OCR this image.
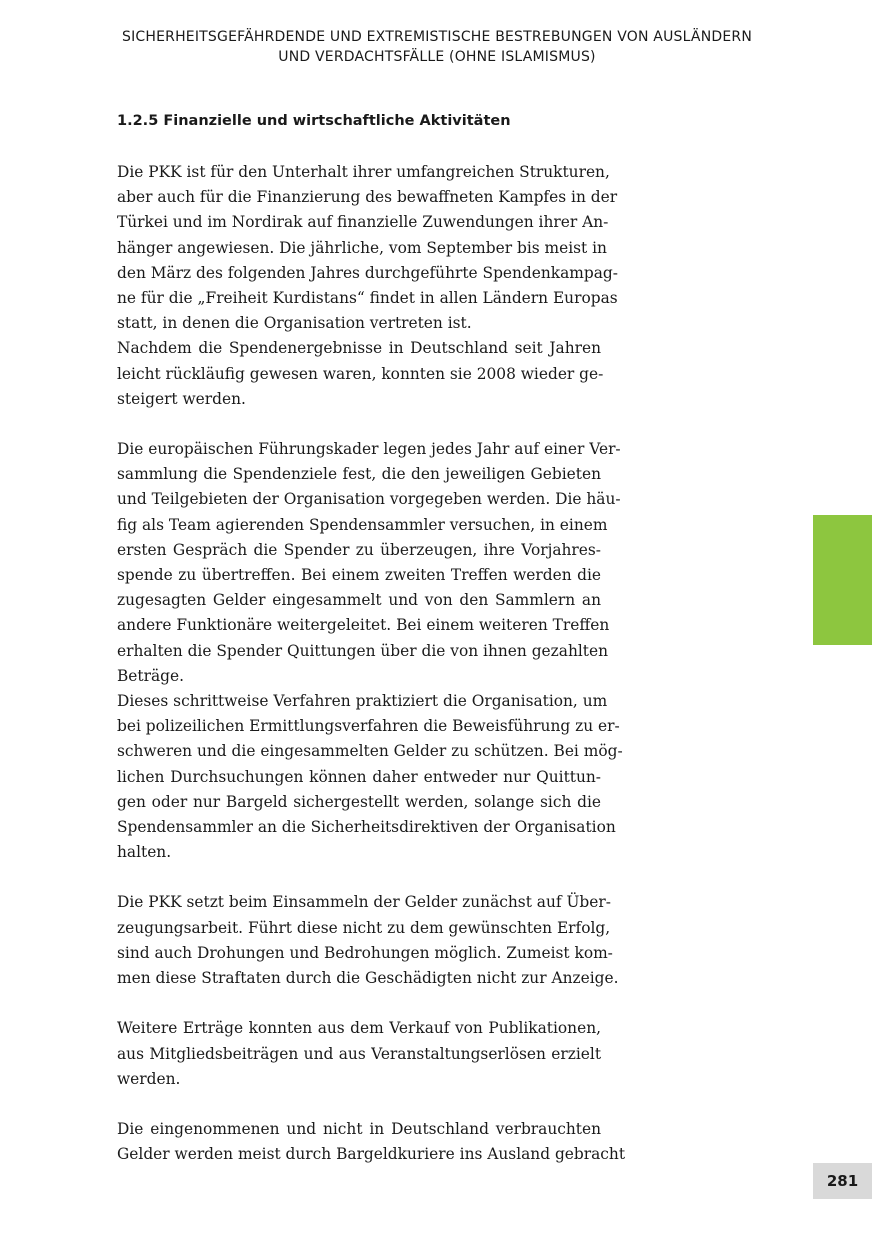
SICHERHEITSGEFÄHRDENDE UND EXTREMISTISCHE BESTREBUNGEN VON AUSLÄNDERN
UND VERDACHTSFÄLLE (OHNE ISLAMISMUS)
1.2.5 Finanzielle und wirtschaftliche Aktivitäten
Die PKK ist für den Unterhalt ihrer umfangreichen Strukturen,
aber auch für die Finanzierung des bewaffneten Kampfes in der
Türkei und im Nordirak auf finanzielle Zuwendungen ihrer An-
hänger angewiesen. Die jährliche, vom September bis meist in
den März des folgenden Jahres durchgeführte Spendenkampag-
ne für die „Freiheit Kurdistans“ findet in allen Ländern Europas
statt, in denen die Organisation vertreten ist.
Nachdem die Spendenergebnisse in Deutschland seit Jahren
leicht rückläufig gewesen waren, konnten sie 2008 wieder ge-
steigert werden.
Die europäischen Führungskader legen jedes Jahr auf einer Ver-
sammlung die Spendenziele fest, die den jeweiligen Gebieten
und Teilgebieten der Organisation vorgegeben werden. Die häu-
fig als Team agierenden Spendensammler versuchen, in einem
ersten Gespräch die Spender zu überzeugen, ihre Vorjahres-
spende zu übertreffen. Bei einem zweiten Treffen werden die
zugesagten Gelder eingesammelt und von den Sammlern an
andere Funktionäre weitergeleitet. Bei einem weiteren Treffen
erhalten die Spender Quittungen über die von ihnen gezahlten
Beträge.
Dieses schrittweise Verfahren praktiziert die Organisation, um
bei polizeilichen Ermittlungsverfahren die Beweisführung zu er-
schweren und die eingesammelten Gelder zu schützen. Bei mög-
lichen Durchsuchungen können daher entweder nur Quittun-
gen oder nur Bargeld sichergestellt werden, solange sich die
Spendensammler an die Sicherheitsdirektiven der Organisation
halten.
Die PKK setzt beim Einsammeln der Gelder zunächst auf Über-
zeugungsarbeit. Führt diese nicht zu dem gewünschten Erfolg,
sind auch Drohungen und Bedrohungen möglich. Zumeist kom-
men diese Straftaten durch die Geschädigten nicht zur Anzeige.
Weitere Erträge konnten aus dem Verkauf von Publikationen,
aus Mitgliedsbeiträgen und aus Veranstaltungserlösen erzielt
werden.
Die eingenommenen und nicht in Deutschland verbrauchten
Gelder werden meist durch Bargeldkuriere ins Ausland gebracht
281
